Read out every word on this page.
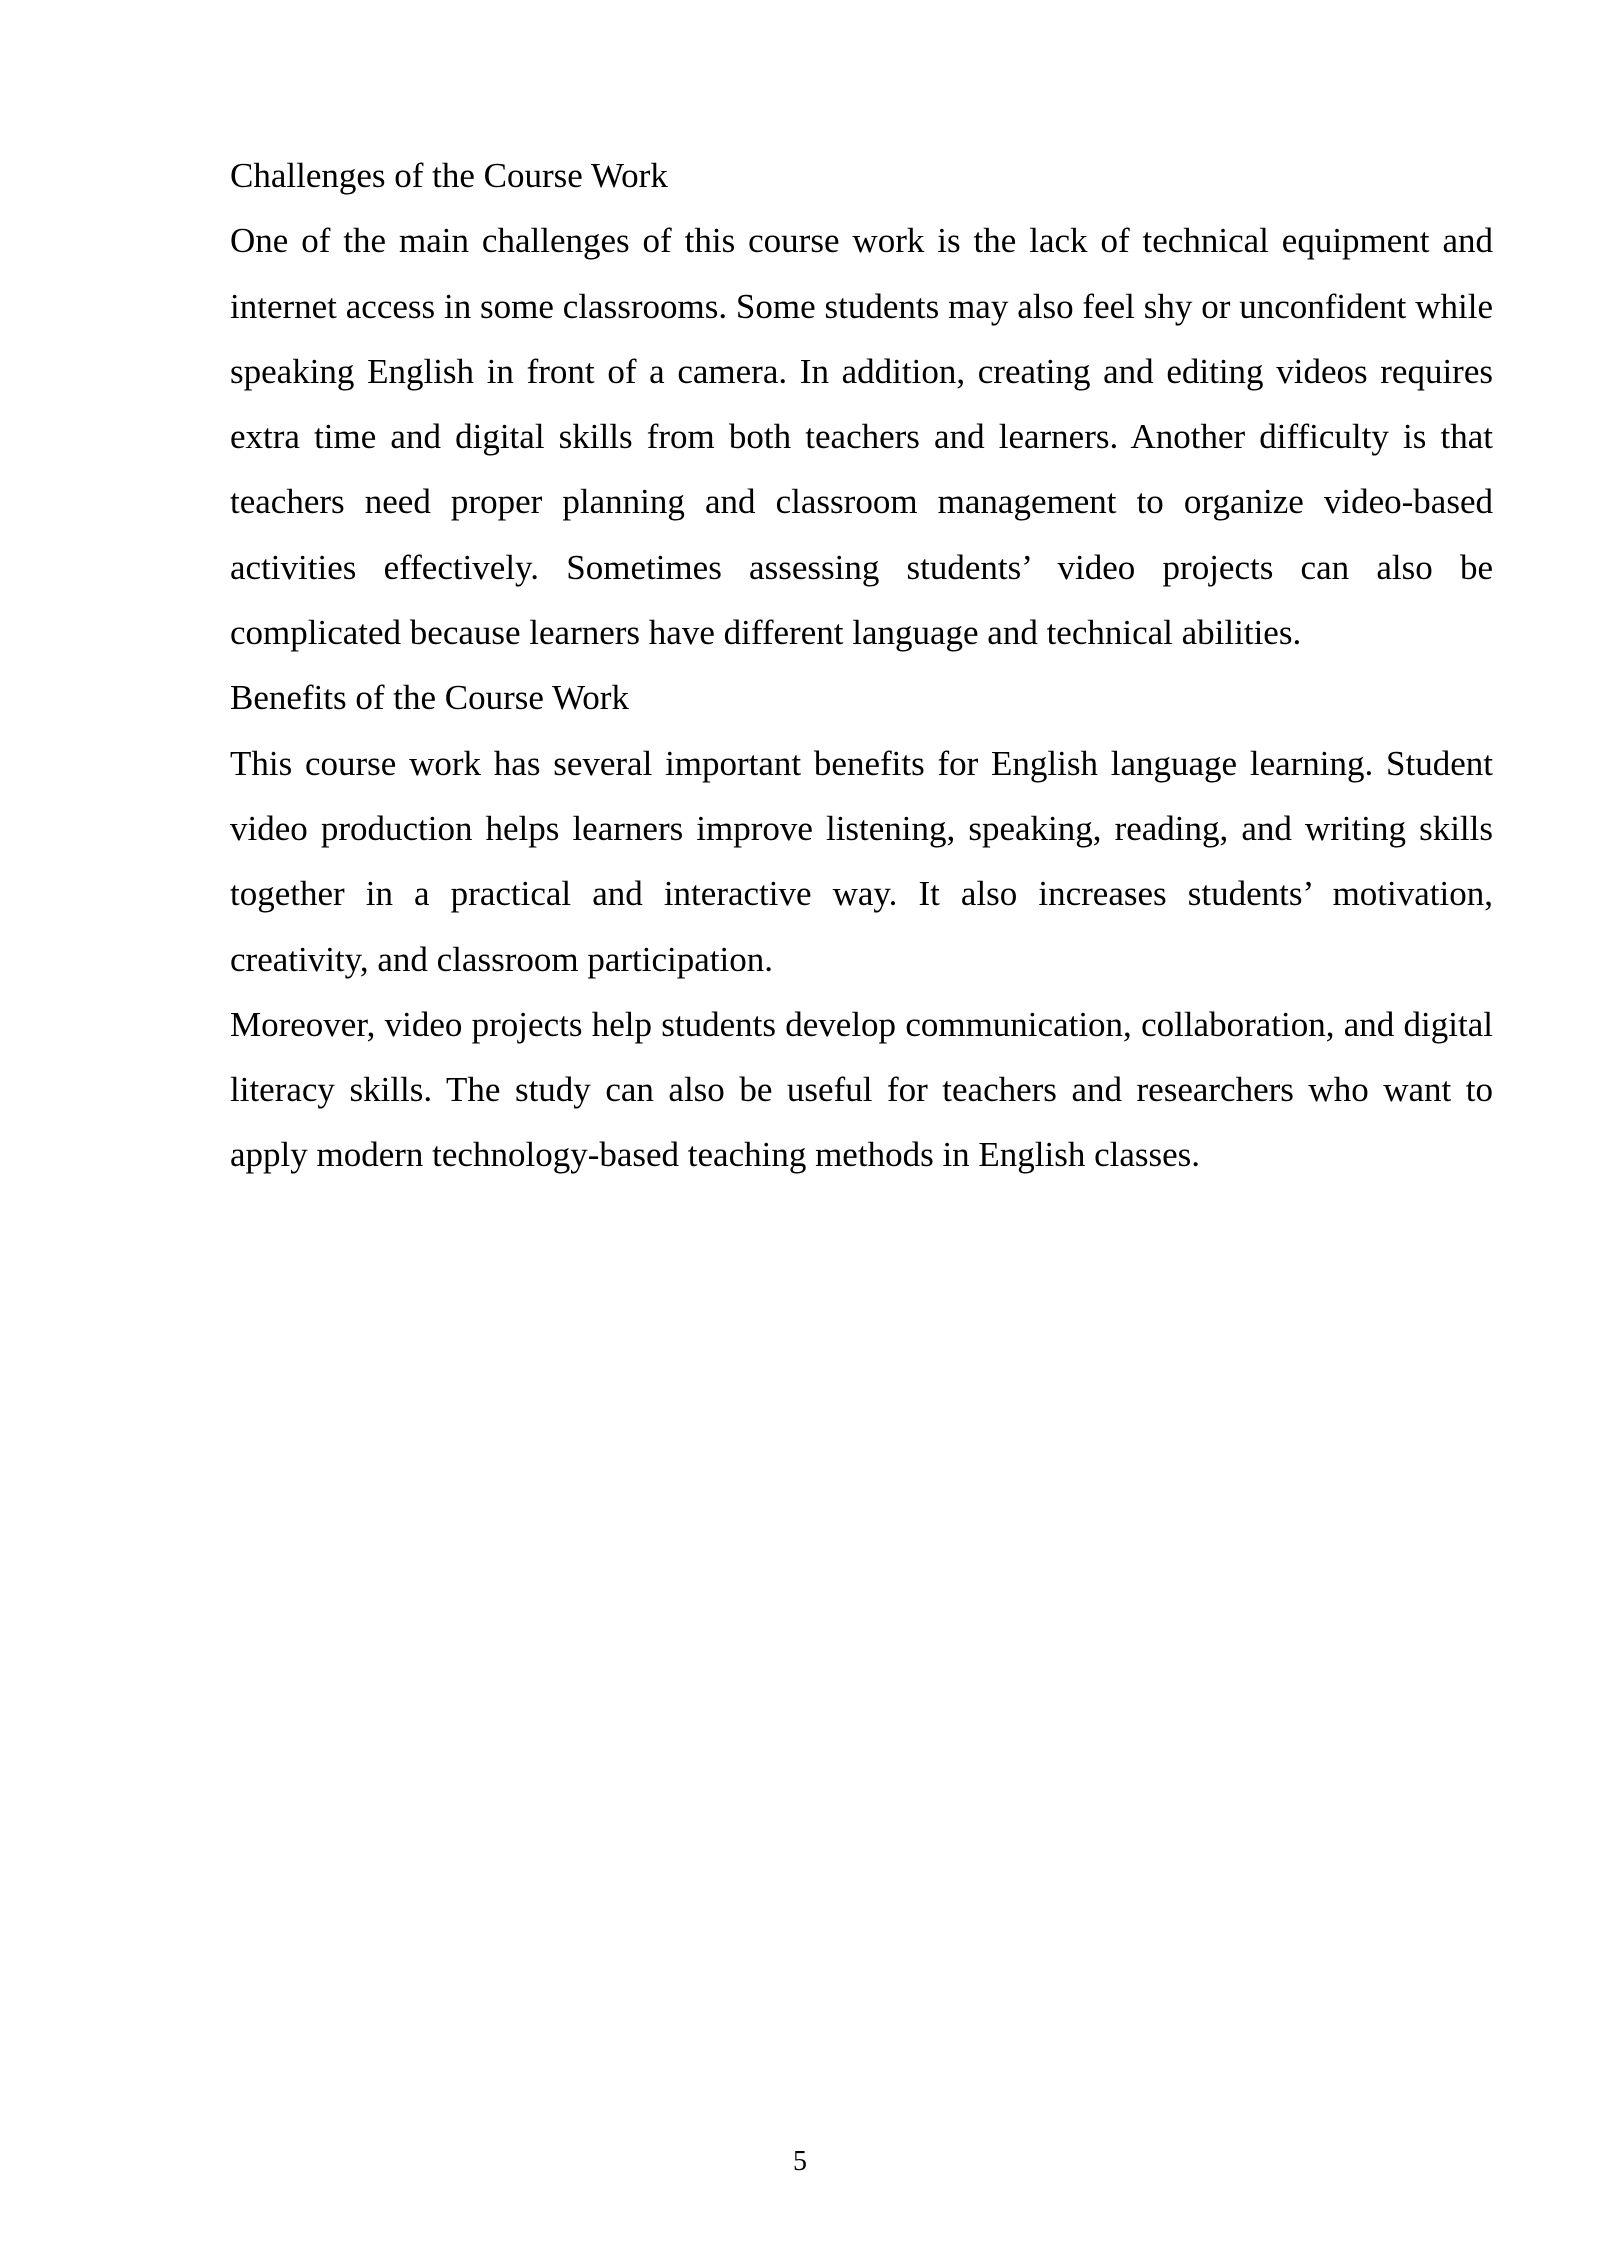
Challenges of the Course Work

One of the main challenges of this course work is the lack of technical equipment and internet access in some classrooms. Some students may also feel shy or unconfident while speaking English in front of a camera. In addition, creating and editing videos requires extra time and digital skills from both teachers and learners. Another difficulty is that teachers need proper planning and classroom management to organize video-based activities effectively. Sometimes assessing students’ video projects can also be complicated because learners have different language and technical abilities.

Benefits of the Course Work

This course work has several important benefits for English language learning. Student video production helps learners improve listening, speaking, reading, and writing skills together in a practical and interactive way. It also increases students’ motivation, creativity, and classroom participation.

Moreover, video projects help students develop communication, collaboration, and digital literacy skills. The study can also be useful for teachers and researchers who want to apply modern technology-based teaching methods in English classes.

5
